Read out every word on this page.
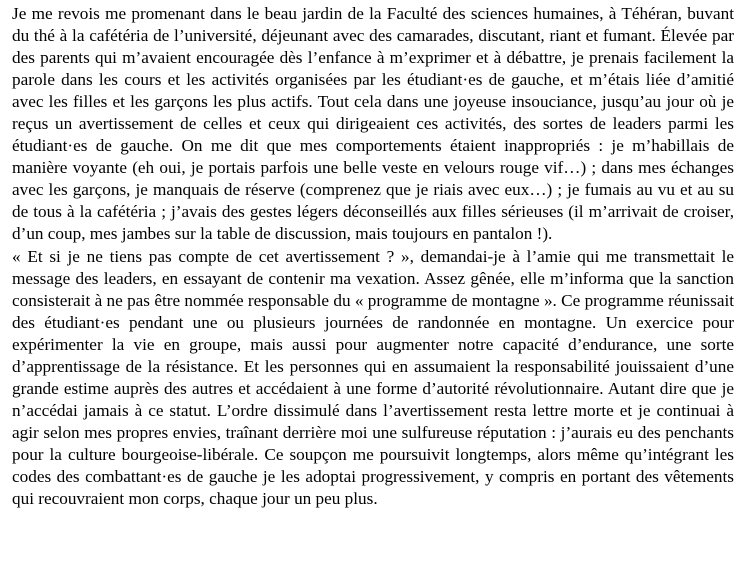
Je me revois me promenant dans le beau jardin de la Faculté des sciences humaines, à Téhéran, buvant du thé à la cafétéria de l’université, déjeunant avec des camarades, discutant, riant et fumant. Élevée par des parents qui m’avaient encouragée dès l’enfance à m’exprimer et à débattre, je prenais facilement la parole dans les cours et les activités organisées par les étudiant·es de gauche, et m’étais liée d’amitié avec les filles et les garçons les plus actifs. Tout cela dans une joyeuse insouciance, jusqu’au jour où je reçus un avertissement de celles et ceux qui dirigeaient ces activités, des sortes de leaders parmi les étudiant·es de gauche. On me dit que mes comportements étaient inappropriés : je m’habillais de manière voyante (eh oui, je portais parfois une belle veste en velours rouge vif…) ; dans mes échanges avec les garçons, je manquais de réserve (comprenez que je riais avec eux…) ; je fumais au vu et au su de tous à la cafétéria ; j’avais des gestes légers déconseillés aux filles sérieuses (il m’arrivait de croiser, d’un coup, mes jambes sur la table de discussion, mais toujours en pantalon !).

« Et si je ne tiens pas compte de cet avertissement ? », demandai-je à l’amie qui me transmettait le message des leaders, en essayant de contenir ma vexation. Assez gênée, elle m’informa que la sanction consisterait à ne pas être nommée responsable du « programme de montagne ». Ce programme réunissait des étudiant·es pendant une ou plusieurs journées de randonnée en montagne. Un exercice pour expérimenter la vie en groupe, mais aussi pour augmenter notre capacité d’endurance, une sorte d’apprentissage de la résistance. Et les personnes qui en assumaient la responsabilité jouissaient d’une grande estime auprès des autres et accédaient à une forme d’autorité révolutionnaire. Autant dire que je n’accédai jamais à ce statut. L’ordre dissimulé dans l’avertissement resta lettre morte et je continuai à agir selon mes propres envies, traînant derrière moi une sulfureuse réputation : j’aurais eu des penchants pour la culture bourgeoise-libérale. Ce soupçon me poursuivit longtemps, alors même qu’intégrant les codes des combattant·es de gauche je les adoptai progressivement, y compris en portant des vêtements qui recouvraient mon corps, chaque jour un peu plus.
